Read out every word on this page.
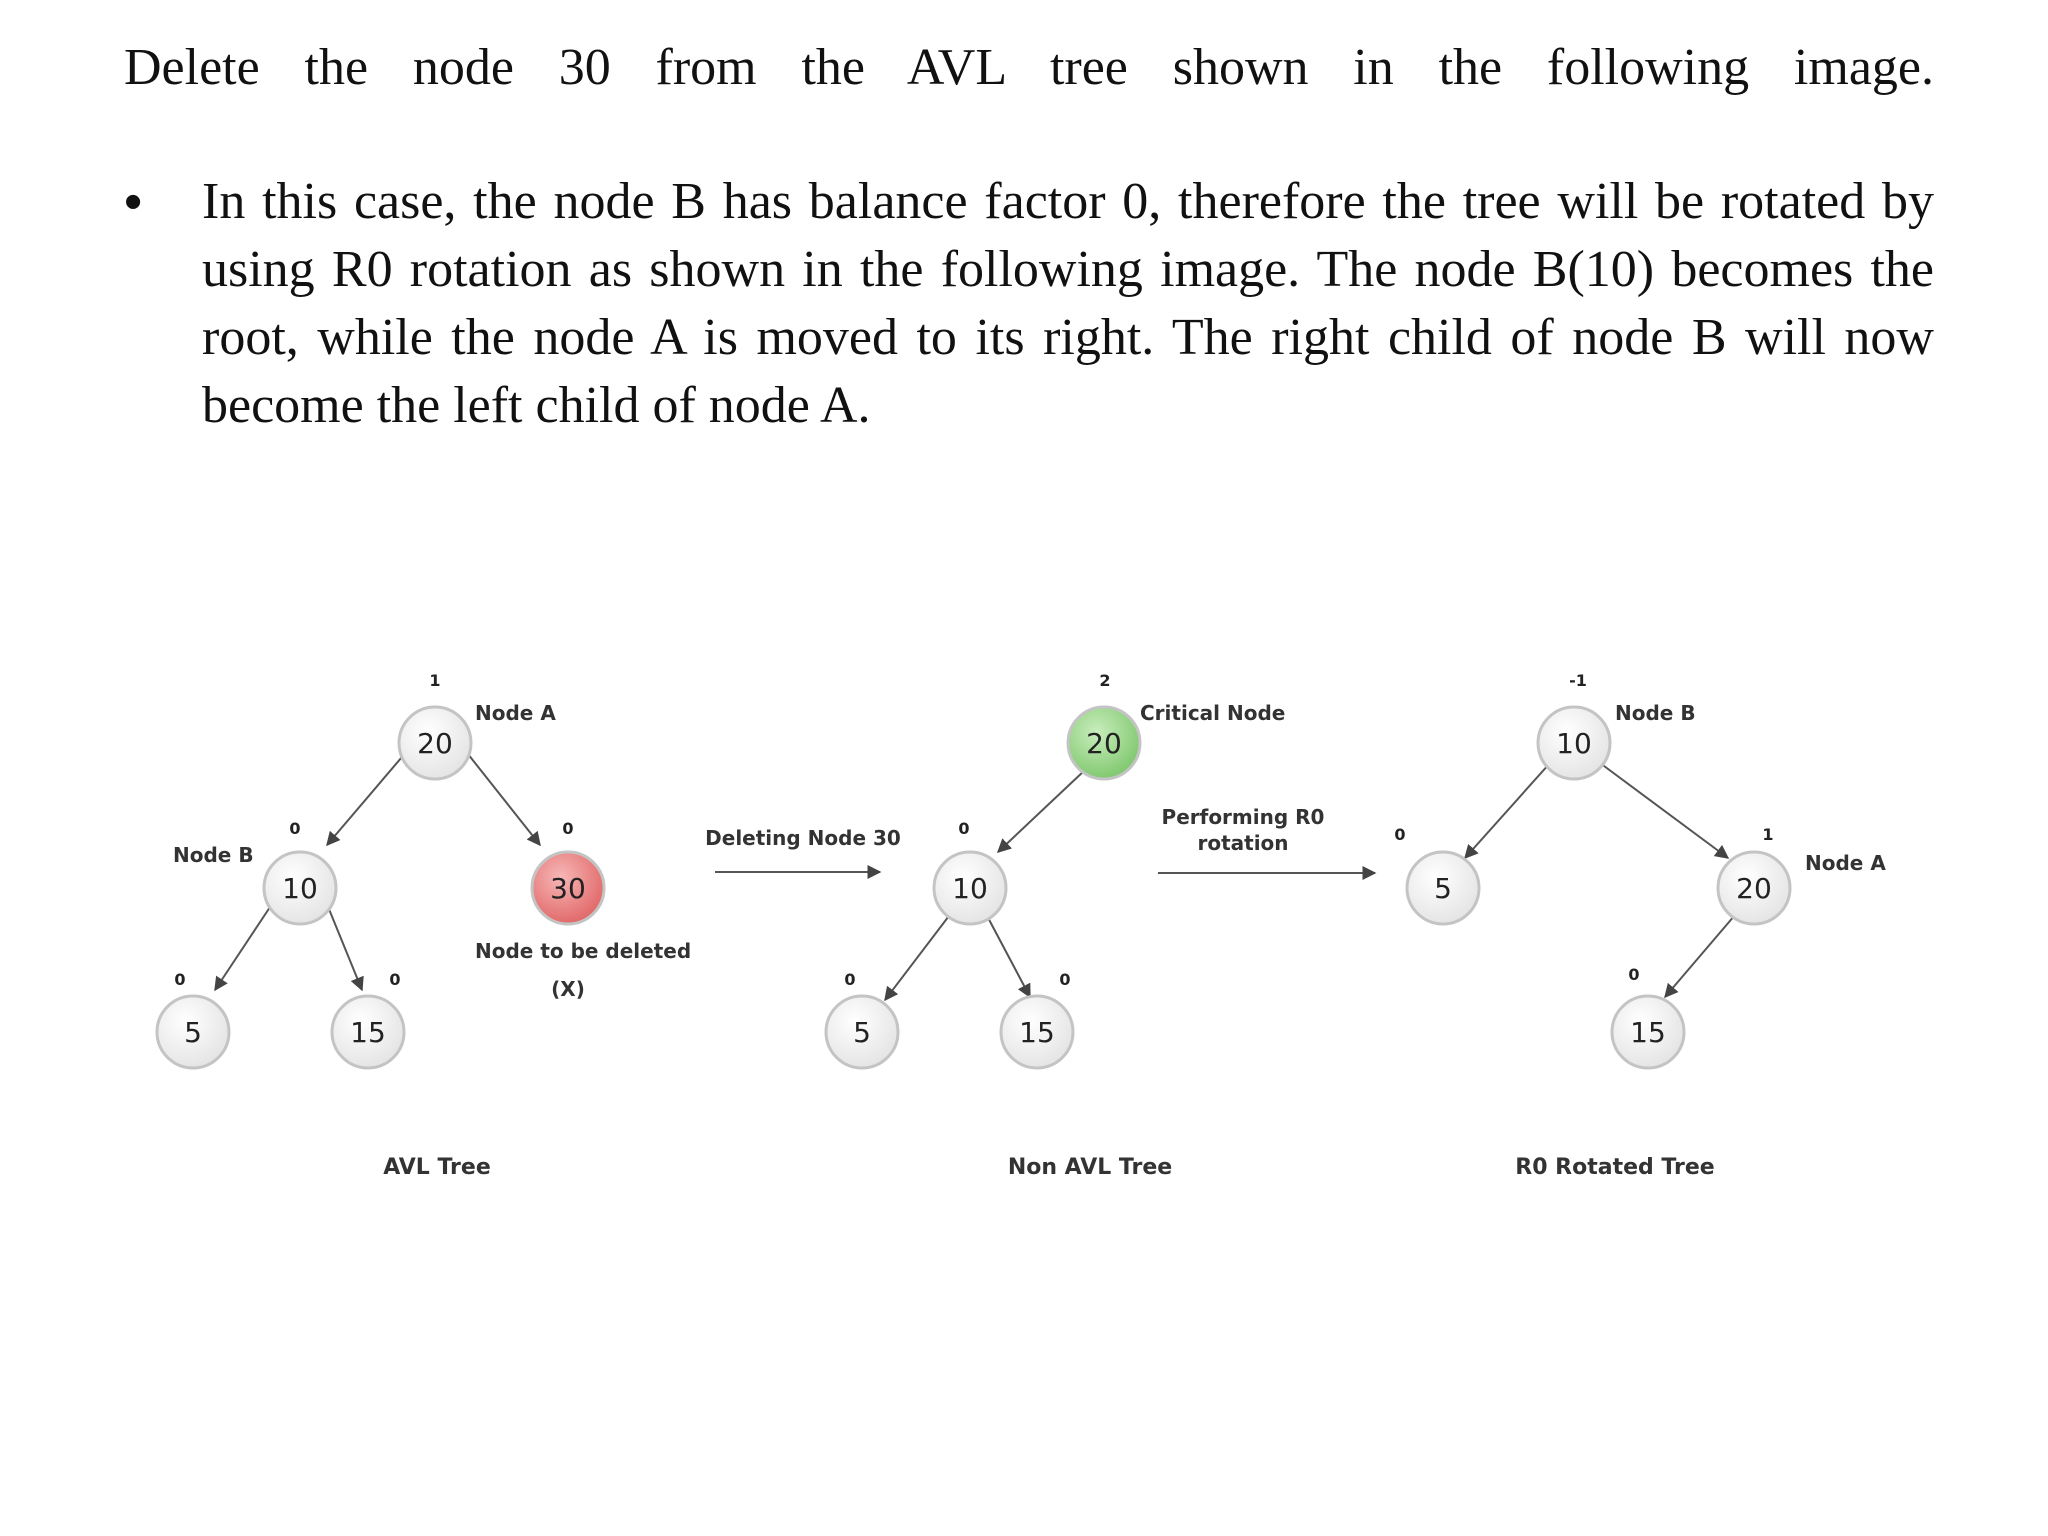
Delete the node 30 from the AVL tree shown in the following image.

• In this case, the node B has balance factor 0, therefore the tree will be rotated by using R0 rotation as shown in the following image. The node B(10) becomes the root, while the node A is moved to its right. The right child of node B will now become the left child of node A.

20
1
Node A
10
0
Node B
30
0
Node to be deleted
(X)
5
0
15
0
AVL Tree
Deleting Node 30
20
2
Critical Node
10
0
5
0
15
0
Non AVL Tree
Performing R0
rotation
10
-1
Node B
5
0
20
1
Node A
15
0
R0 Rotated Tree
